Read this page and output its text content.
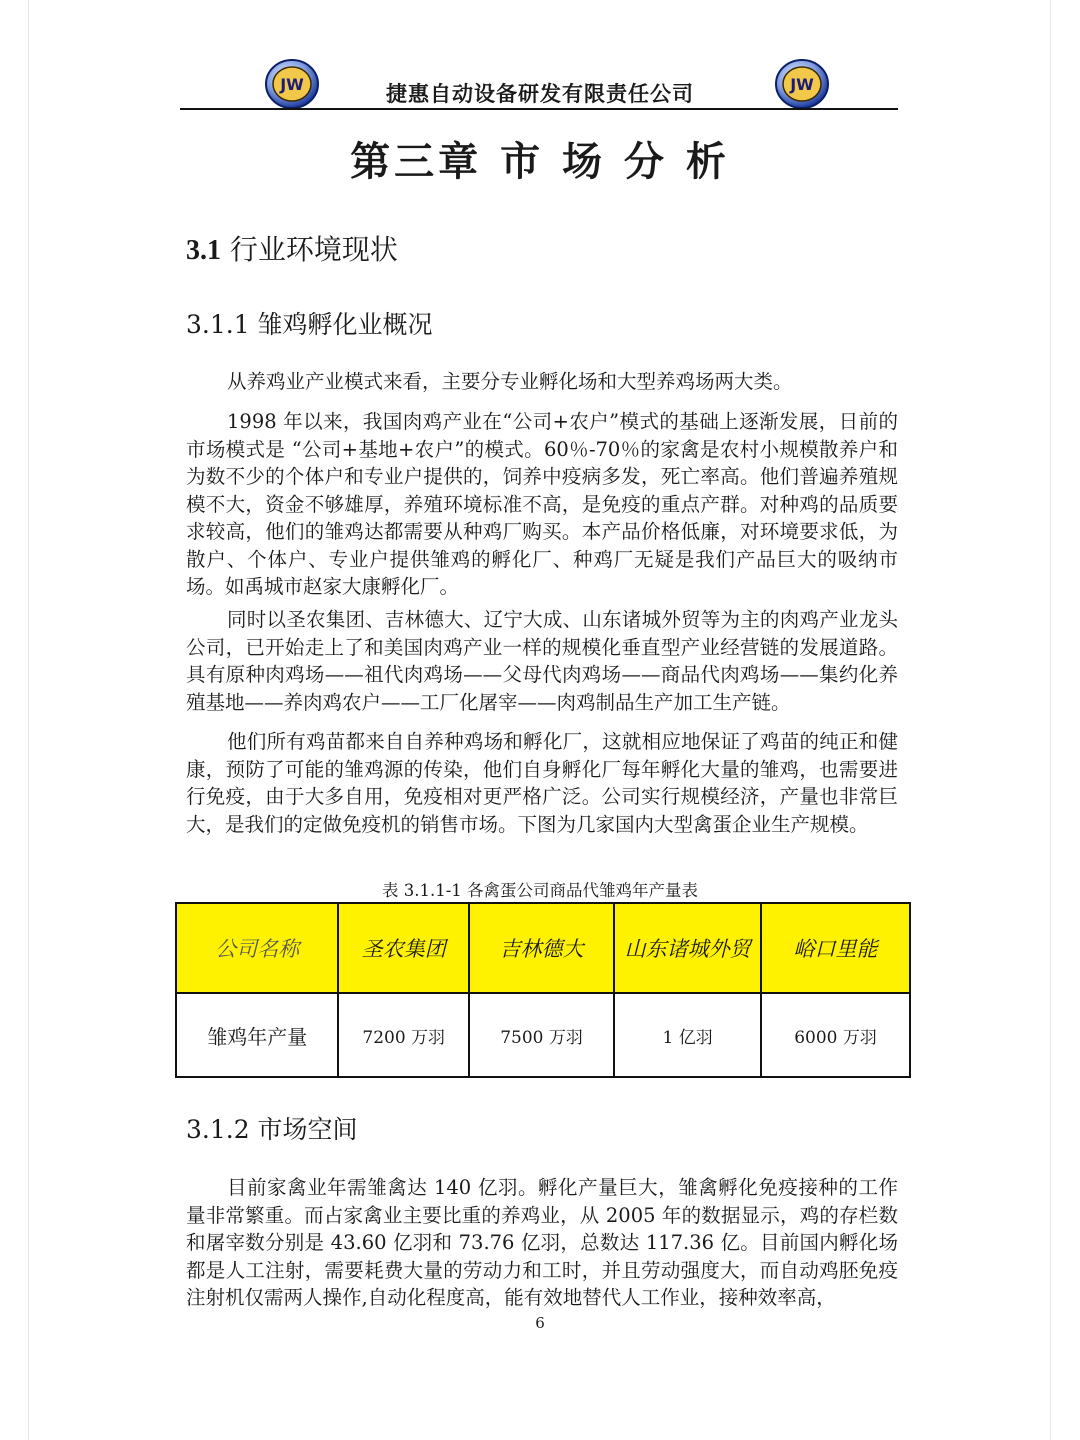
JW	JW
捷惠自动设备研发有限责任公司
第三章 市 场 分 析
3.1 行业环境现状
3.1.1 雏鸡孵化业概况

从养鸡业产业模式来看，主要分专业孵化场和大型养鸡场两大类。

1998 年以来，我国肉鸡产业在“公司+农户”模式的基础上逐渐发展，日前的市场模式是 “公司+基地+农户”的模式。60％-70％的家禽是农村小规模散养户和为数不少的个体户和专业户提供的，饲养中疫病多发，死亡率高。他们普遍养殖规模不大，资金不够雄厚，养殖环境标准不高，是免疫的重点产群。对种鸡的品质要求较高，他们的雏鸡达都需要从种鸡厂购买。本产品价格低廉，对环境要求低，为散户、个体户、专业户提供雏鸡的孵化厂、种鸡厂无疑是我们产品巨大的吸纳市场。如禹城市赵家大康孵化厂。

同时以圣农集团、吉林德大、辽宁大成、山东诸城外贸等为主的肉鸡产业龙头公司，已开始走上了和美国肉鸡产业一样的规模化垂直型产业经营链的发展道路。具有原种肉鸡场——祖代肉鸡场——父母代肉鸡场——商品代肉鸡场——集约化养殖基地——养肉鸡农户——工厂化屠宰——肉鸡制品生产加工生产链。

他们所有鸡苗都来自自养种鸡场和孵化厂，这就相应地保证了鸡苗的纯正和健康，预防了可能的雏鸡源的传染，他们自身孵化厂每年孵化大量的雏鸡，也需要进行免疫，由于大多自用，免疫相对更严格广泛。公司实行规模经济，产量也非常巨大，是我们的定做免疫机的销售市场。下图为几家国内大型禽蛋企业生产规模。

表 3.1.1-1 各禽蛋公司商品代雏鸡年产量表
公司名称	圣农集团	吉林德大	山东诸城外贸	峪口里能
雏鸡年产量	7200 万羽	7500 万羽	1 亿羽	6000 万羽
3.1.2 市场空间

目前家禽业年需雏禽达 140 亿羽。孵化产量巨大，雏禽孵化免疫接种的工作量非常繁重。而占家禽业主要比重的养鸡业，从 2005 年的数据显示，鸡的存栏数和屠宰数分别是 43.60 亿羽和 73.76 亿羽，总数达 117.36 亿。目前国内孵化场都是人工注射，需要耗费大量的劳动力和工时，并且劳动强度大，而自动鸡胚免疫注射机仅需两人操作,自动化程度高，能有效地替代人工作业，接种效率高，

6
